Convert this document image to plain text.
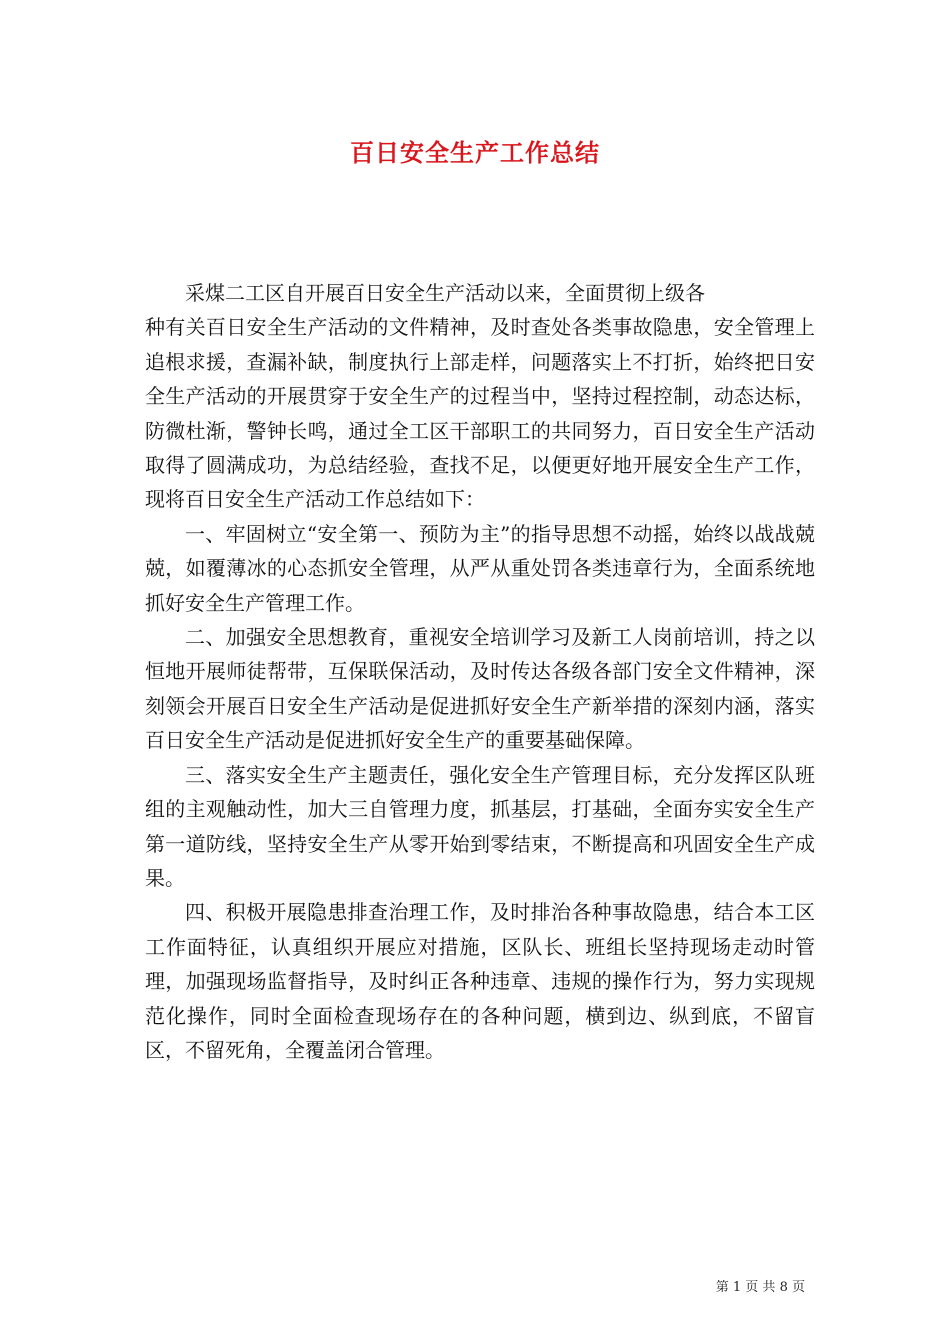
百日安全生产工作总结

采煤二工区自开展百日安全生产活动以来，全面贯彻上级各
种有关百日安全生产活动的文件精神，及时查处各类事故隐患，安全管理上追根求援，查漏补缺，制度执行上部走样，问题落实上不打折，始终把日安全生产活动的开展贯穿于安全生产的过程当中，坚持过程控制，动态达标，防微杜渐，警钟长鸣，通过全工区干部职工的共同努力，百日安全生产活动取得了圆满成功，为总结经验，查找不足，以便更好地开展安全生产工作，现将百日安全生产活动工作总结如下：

一、牢固树立“安全第一、预防为主”的指导思想不动摇，始终以战战兢兢，如覆薄冰的心态抓安全管理，从严从重处罚各类违章行为，全面系统地抓好安全生产管理工作。

二、加强安全思想教育，重视安全培训学习及新工人岗前培训，持之以恒地开展师徒帮带，互保联保活动，及时传达各级各部门安全文件精神，深刻领会开展百日安全生产活动是促进抓好安全生产新举措的深刻内涵，落实百日安全生产活动是促进抓好安全生产的重要基础保障。

三、落实安全生产主题责任，强化安全生产管理目标，充分发挥区队班组的主观触动性，加大三自管理力度，抓基层，打基础，全面夯实安全生产第一道防线，坚持安全生产从零开始到零结束，不断提高和巩固安全生产成果。

四、积极开展隐患排查治理工作，及时排治各种事故隐患，结合本工区工作面特征，认真组织开展应对措施，区队长、班组长坚持现场走动时管理，加强现场监督指导，及时纠正各种违章、违规的操作行为，努力实现规范化操作，同时全面检查现场存在的各种问题，横到边、纵到底，不留盲区，不留死角，全覆盖闭合管理。

第 1 页 共 8 页
